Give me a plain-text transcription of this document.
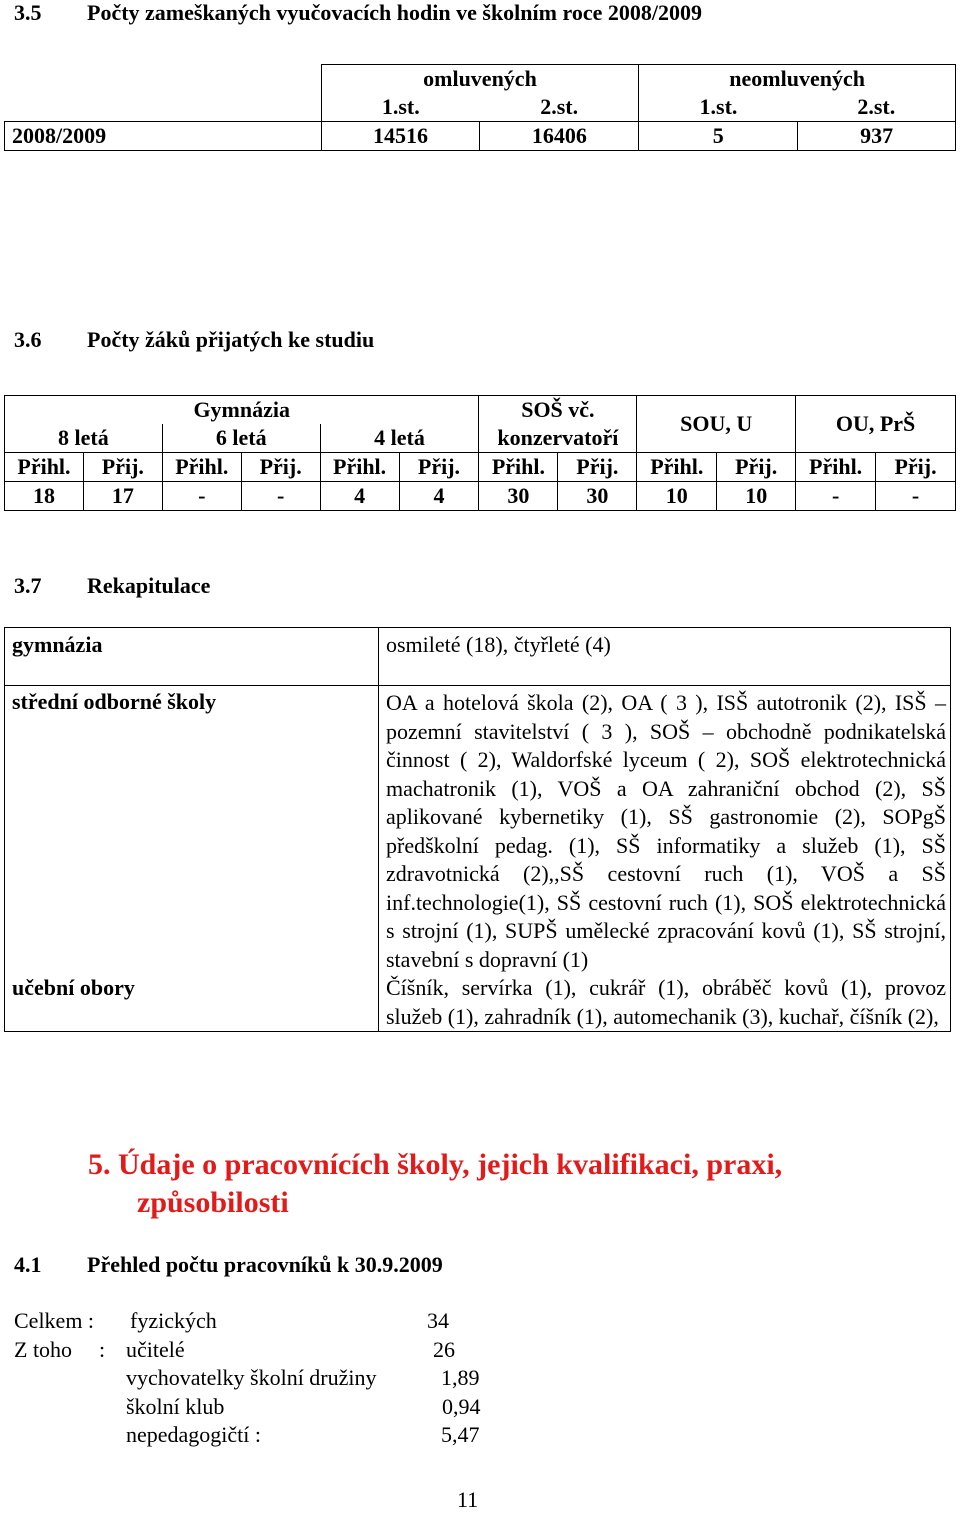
3.5 Počty zameškaných vyučovacích hodin ve školním roce 2008/2009
	omluvených		neomluvených	
	1.st.	2.st.	1.st.	2.st.
2008/2009	14516	16406	5	937
3.6 Počty žáků přijatých ke studiu
Gymnázia						SOŠ vč.		SOU, U		OU, PrŠ	
8 letá		6 letá		4 letá		konzervatoří					
Přihl.	Přij.	Přihl.	Přij.	Přihl.	Přij.	Přihl.	Přij.	Přihl.	Přij.	Přihl.	Přij.
18	17	-	-	4	4	30	30	10	10	-	-
3.7 Rekapitulace
gymnázia	osmileté (18), čtyřleté (4)
střední odborné školy	OA a hotelová škola (2), OA ( 3 ), ISŠ autotronik (2), ISŠ – pozemní stavitelství ( 3 ), SOŠ – obchodně podnikatelská činnost ( 2), Waldorfské lyceum ( 2), SOŠ elektrotechnická machatronik (1), VOŠ a OA zahraniční obchod (2), SŠ aplikované kybernetiky (1), SŠ gastronomie (2), SOPgŠ předškolní pedag. (1), SŠ informatiky a služeb (1), SŠ zdravotnická (2),,SŠ cestovní ruch (1), VOŠ a SŠ inf.technologie(1), SŠ cestovní ruch (1), SOŠ elektrotechnická s strojní (1), SUPŠ umělecké zpracování kovů (1), SŠ strojní, stavební s dopravní (1)
učební obory	Číšník, servírka (1), cukrář (1), obráběč kovů (1), provoz služeb (1), zahradník (1), automechanik (3), kuchař, číšník (2),
5. Údaje o pracovnících školy, jejich kvalifikaci, praxi,
způsobilosti
4.1 Přehled počtu pracovníků k 30.9.2009
Celkem : fyzických	34
Z toho : učitelé	26
vychovatelky školní družiny	1,89
školní klub	0,94
nepedagogičtí :	5,47
11
